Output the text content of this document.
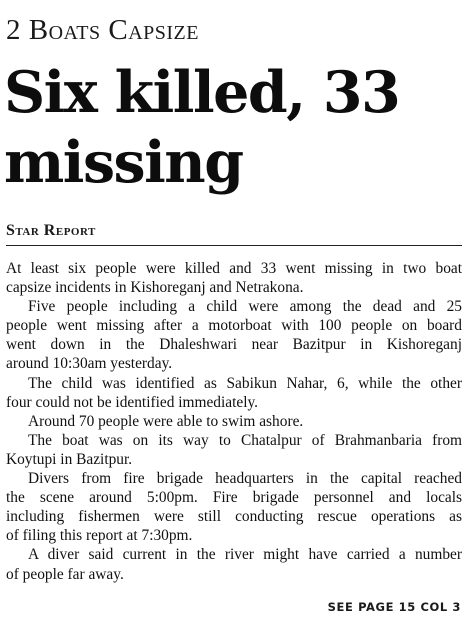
2 Boats Capsize
Six killed, 33
missing
Star Report
At least six people were killed and 33 went missing in two boat
capsize incidents in Kishoreganj and Netrakona.
Five people including a child were among the dead and 25
people went missing after a motorboat with 100 people on board
went down in the Dhaleshwari near Bazitpur in Kishoreganj
around 10:30am yesterday.
The child was identified as Sabikun Nahar, 6, while the other
four could not be identified immediately.
Around 70 people were able to swim ashore.
The boat was on its way to Chatalpur of Brahmanbaria from
Koytupi in Bazitpur.
Divers from fire brigade headquarters in the capital reached
the scene around 5:00pm. Fire brigade personnel and locals
including fishermen were still conducting rescue operations as
of filing this report at 7:30pm.
A diver said current in the river might have carried a number
of people far away.
SEE PAGE 15 COL 3
